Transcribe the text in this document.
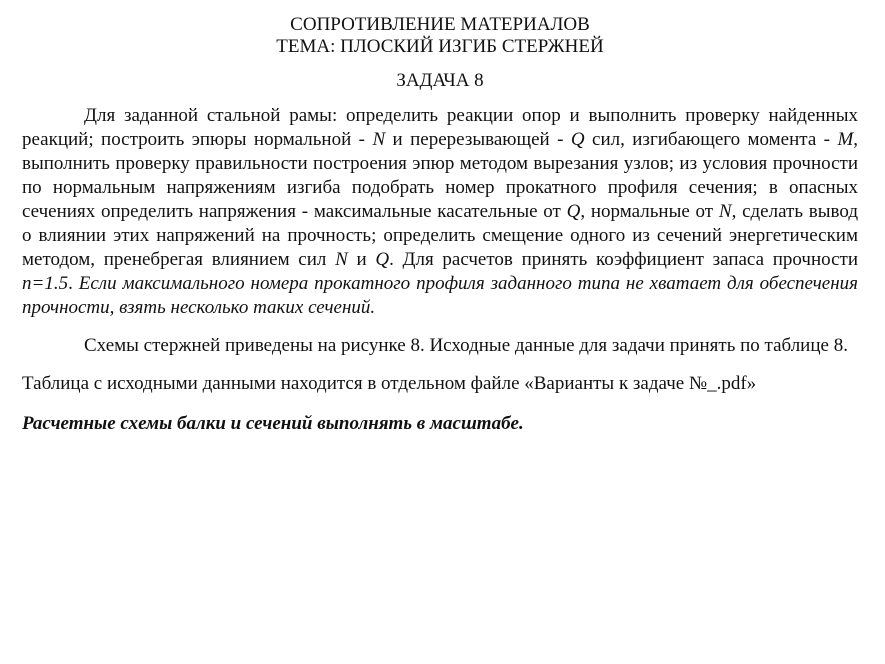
СОПРОТИВЛЕНИЕ МАТЕРИАЛОВ

ТЕМА: ПЛОСКИЙ ИЗГИБ СТЕРЖНЕЙ

ЗАДАЧА 8

Для заданной стальной рамы: определить реакции опор и выполнить проверку найденных реакций; построить эпюры нормальной - N и перерезывающей - Q сил, изгибающего момента - M, выполнить проверку правильности построения эпюр методом вырезания узлов; из условия прочности по нормальным напряжениям изгиба подобрать номер прокатного профиля сечения; в опасных сечениях определить напряжения - максимальные касательные от Q, нормальные от N, сделать вывод о влиянии этих напряжений на прочность; определить смещение одного из сечений энергетическим методом, пренебрегая влиянием сил N и Q. Для расчетов принять коэффициент запаса прочности n=1.5. Если максимального номера прокатного профиля заданного типа не хватает для обеспечения прочности, взять несколько таких сечений.

Схемы стержней приведены на рисунке 8. Исходные данные для задачи принять по таблице 8.

Таблица с исходными данными находится в отдельном файле «Варианты к задаче №_.pdf»

Расчетные схемы балки и сечений выполнять в масштабе.
